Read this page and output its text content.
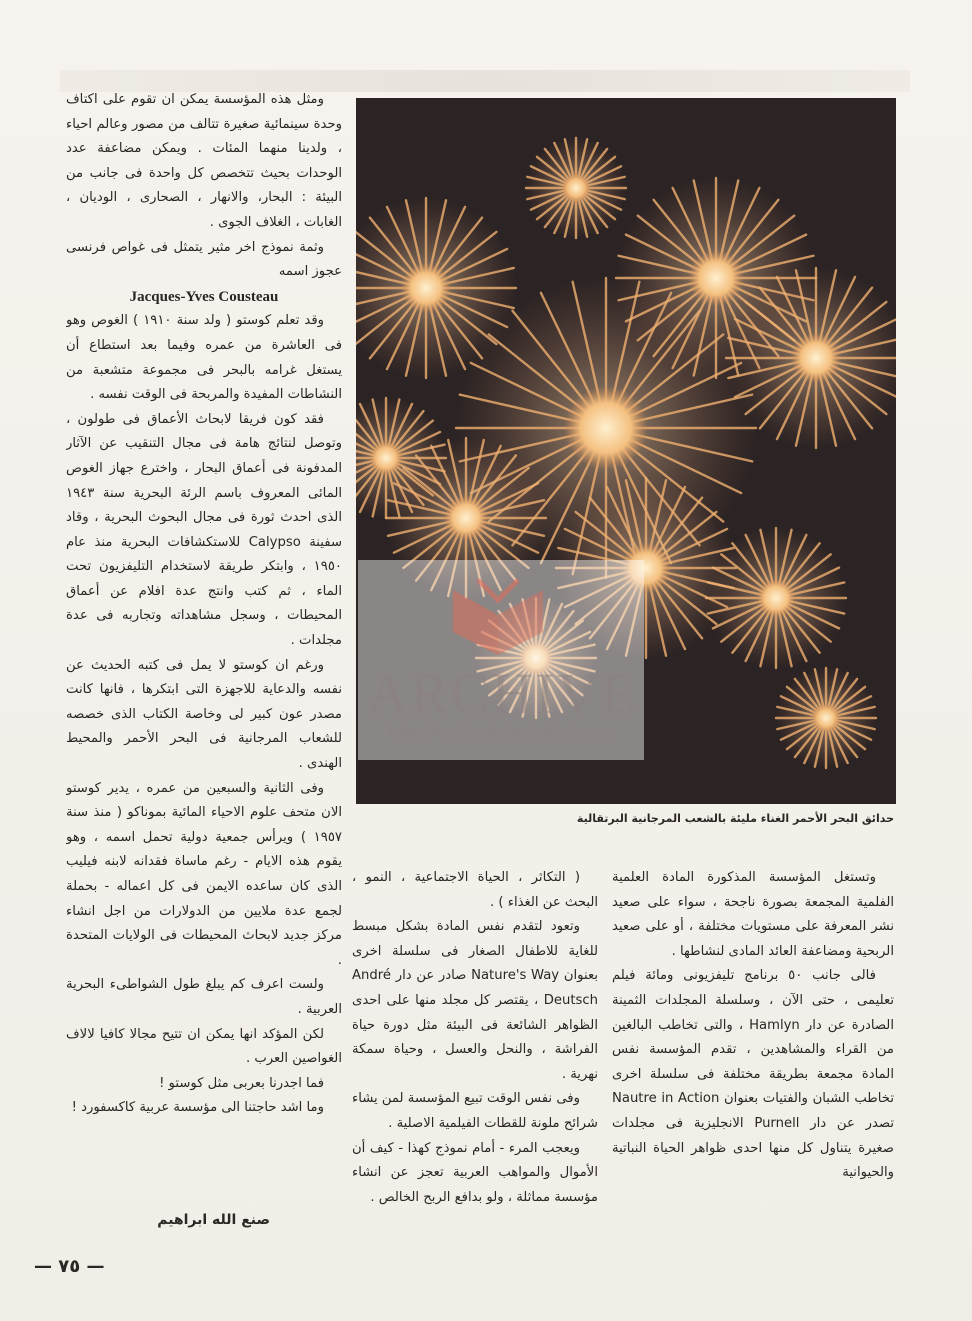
ومثل هذه المؤسسة يمكن ان تقوم على اكتاف وحدة سينمائية صغيرة تتالف من مصور وعالم احياء ، ولدينا منهما المئات . ويمكن مضاعفة عدد الوحدات بحيث تتخصص كل واحدة فى جانب من البيئة : البحار، والانهار ، الصحارى ، الوديان ، الغابات ، الغلاف الجوى .

وثمة نموذج اخر مثير يتمثل فى غواص فرنسى عجوز اسمه

Jacques-Yves Cousteau

وقد تعلم كوستو ( ولد سنة ١٩١٠ ) الغوص وهو فى العاشرة من عمره وفيما بعد استطاع أن يستغل غرامه بالبحر فى مجموعة متشعبة من النشاطات المفيدة والمربحة فى الوقت نفسه .

فقد كون فريقا لابحاث الأعماق فى طولون ، وتوصل لنتائج هامة فى مجال التنقيب عن الآثار المدفونة فى أعماق البحار ، واخترع جهاز الغوص المائى المعروف باسم الرئة البحرية سنة ١٩٤٣ الذى احدث ثورة فى مجال البحوث البحرية ، وقاد سفينة Calypso للاستكشافات البحرية منذ عام ١٩٥٠ ، وابتكر طريقة لاستخدام التليفزيون تحت الماء ، ثم كتب وانتج عدة افلام عن أعماق المحيطات ، وسجل مشاهداته وتجاربه فى عدة مجلدات .

ورغم ان كوستو لا يمل فى كتبه الحديث عن نفسه والدعاية للاجهزة التى ابتكرها ، فانها كانت مصدر عون كبير لى وخاصة الكتاب الذى خصصه للشعاب المرجانية فى البحر الأحمر والمحيط الهندى .

وفى الثانية والسبعين من عمره ، يدير كوستو الان متحف علوم الاحياء المائية بموناكو ( منذ سنة ١٩٥٧ ) ويرأس جمعية دولية تحمل اسمه ، وهو يقوم هذه الايام - رغم ماساة فقدانه لابنه فيليب الذى كان ساعده الايمن فى كل اعماله - بحملة لجمع عدة ملايين من الدولارات من اجل انشاء مركز جديد لابحاث المحيطات فى الولايات المتحدة .

ولست اعرف كم يبلغ طول الشواطىء البحرية العربية .

لكن المؤكد انها يمكن ان تتيح مجالا كافيا لالاف الغواصين العرب .

فما اجدرنا بعربى مثل كوستو !

وما اشد حاجتنا الى مؤسسة عربية كاكسفورد !

حدائق البحر الأحمر الغناء مليئة بالشعب المرجانية البرتقالية

( التكاثر ، الحياة الاجتماعية ، النمو ، البحث عن الغذاء ) .

وتعود لتقدم نفس المادة بشكل مبسط للغاية للاطفال الصغار فى سلسلة اخرى بعنوان Nature's Way صادر عن دار André Deutsch ، يقتصر كل مجلد منها على احدى الظواهر الشائعة فى البيئة مثل دورة حياة الفراشة ، والنحل والعسل ، وحياة سمكة نهرية .

وفى نفس الوقت تبيع المؤسسة لمن يشاء شرائح ملونة للقطات الفيلمية الاصلية .

ويعجب المرء - أمام نموذج كهذا - كيف أن الأموال والمواهب العربية تعجز عن انشاء مؤسسة مماثلة ، ولو بدافع الربح الخالص .

وتستغل المؤسسة المذكورة المادة العلمية الفلمية المجمعة بصورة ناجحة ، سواء على صعيد نشر المعرفة على مستويات مختلفة ، أو على صعيد الربحية ومضاعفة العائد المادى لنشاطها .

فالى جانب ٥٠ برنامج تليفزيونى ومائة فيلم تعليمى ، حتى الآن ، وسلسلة المجلدات الثمينة الصادرة عن دار Hamlyn ، والتى تخاطب البالغين من القراء والمشاهدين ، تقدم المؤسسة نفس المادة مجمعة بطريقة مختلفة فى سلسلة اخرى تخاطب الشبان والفتيات بعنوان Nautre in Action تصدر عن دار Purnell الانجليزية فى مجلدات صغيرة يتناول كل منها احدى ظواهر الحياة النباتية والحيوانية

صنع الله ابراهيم
— ٧٥ —
ARCHIVE
http://Archivebeta.Sakhrit.com
